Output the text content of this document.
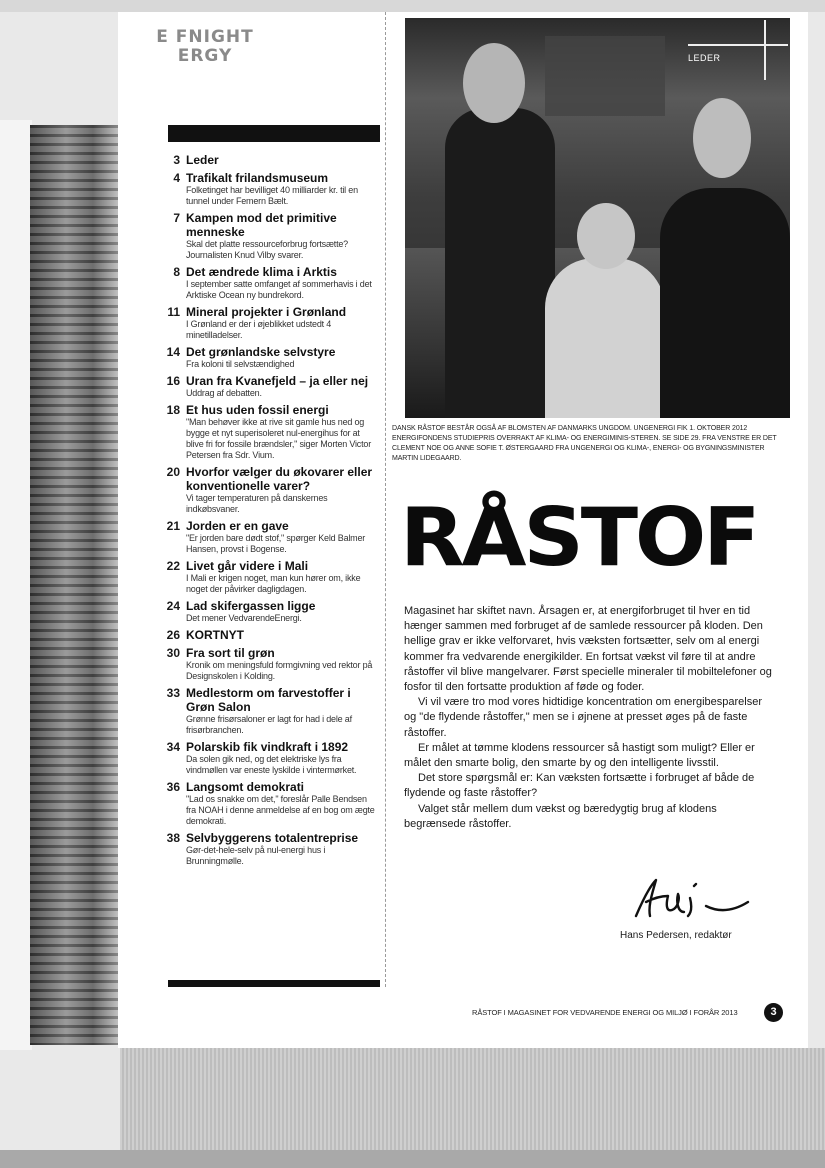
3 Leder
4 Trafikalt frilandsmuseum
Folketinget har bevilliget 40 milliarder kr. til en tunnel under Femern Bælt.
7 Kampen mod det primitive menneske
Skal det platte ressourceforbrug fortsætte? Journalisten Knud Vilby svarer.
8 Det ændrede klima i Arktis
I september satte omfanget af sommerhavis i det Arktiske Ocean ny bundrekord.
11 Mineral projekter i Grønland
I Grønland er der i øjeblikket udstedt 4 minetilladelser.
14 Det grønlandske selvstyre
Fra koloni til selvstændighed
16 Uran fra Kvanefjeld – ja eller nej
Uddrag af debatten.
18 Et hus uden fossil energi
"Man behøver ikke at rive sit gamle hus ned og bygge et nyt superisoleret nul-energihus for at blive fri for fossile brændsler," siger Morten Victor Petersen fra Sdr. Vium.
20 Hvorfor vælger du økovarer eller konventionelle varer?
Vi tager temperaturen på danskernes indkøbsvaner.
21 Jorden er en gave
"Er jorden bare dødt stof," spørger Keld Balmer Hansen, provst i Bogense.
22 Livet går videre i Mali
I Mali er krigen noget, man kun hører om, ikke noget der påvirker dagligdagen.
24 Lad skifergassen ligge
Det mener VedvarendeEnergi.
26 KORTNYT
30 Fra sort til grøn
Kronik om meningsfuld formgivning ved rektor på Designskolen i Kolding.
33 Medlestorm om farvestoffer i Grøn Salon
Grønne frisørsaloner er lagt for had i dele af frisørbranchen.
34 Polarskib fik vindkraft i 1892
Da solen gik ned, og det elektriske lys fra vindmøllen var eneste lyskilde i vintermørket.
36 Langsomt demokrati
"Lad os snakke om det," foreslår Palle Bendsen fra NOAH i denne anmeldelse af en bog om ægte demokrati.
38 Selvbyggerens totalentreprise
Gør-det-hele-selv på nul-energi hus i Brunningmølle.
E FNIGHT ERGY	LEDER
DANSK RÅSTOF BESTÅR OGSÅ AF BLOMSTEN AF DANMARKS UNGDOM. UNGENERGI FIK 1. OKTOBER 2012 ENERGIFONDENS STUDIEPRIS OVERRAKT AF KLIMA- OG ENERGIMINIS-STEREN. SE SIDE 29. FRA VENSTRE ER DET CLEMENT NOE OG ANNE SOFIE T. ØSTERGAARD FRA UNGENERGI OG KLIMA-, ENERGI- OG BYGNINGSMINISTER MARTIN LIDEGAARD.
RÅSTOF

Magasinet har skiftet navn. Årsagen er, at energiforbruget til hver en tid hænger sammen med forbruget af de samlede ressourcer på kloden. Den hellige grav er ikke velforvaret, hvis væksten fortsætter, selv om al energi kommer fra vedvarende energikilder. En fortsat vækst vil føre til at andre råstoffer vil blive mangelvarer. Først specielle mineraler til mobiltelefoner og fosfor til den fortsatte produktion af føde og foder.

Vi vil være tro mod vores hidtidige koncentration om energibesparelser og "de flydende råstoffer," men se i øjnene at presset øges på de faste råstoffer.

Er målet at tømme klodens ressourcer så hastigt som muligt? Eller er målet den smarte bolig, den smarte by og den intelligente livsstil.

Det store spørgsmål er: Kan væksten fortsætte i forbruget af både de flydende og faste råstoffer?

Valget står mellem dum vækst og bæredygtig brug af klodens begrænsede råstoffer.

Hans Pedersen, redaktør
RÅSTOF I MAGASINET FOR VEDVARENDE ENERGI OG MILJØ I FORÅR 2013	3
